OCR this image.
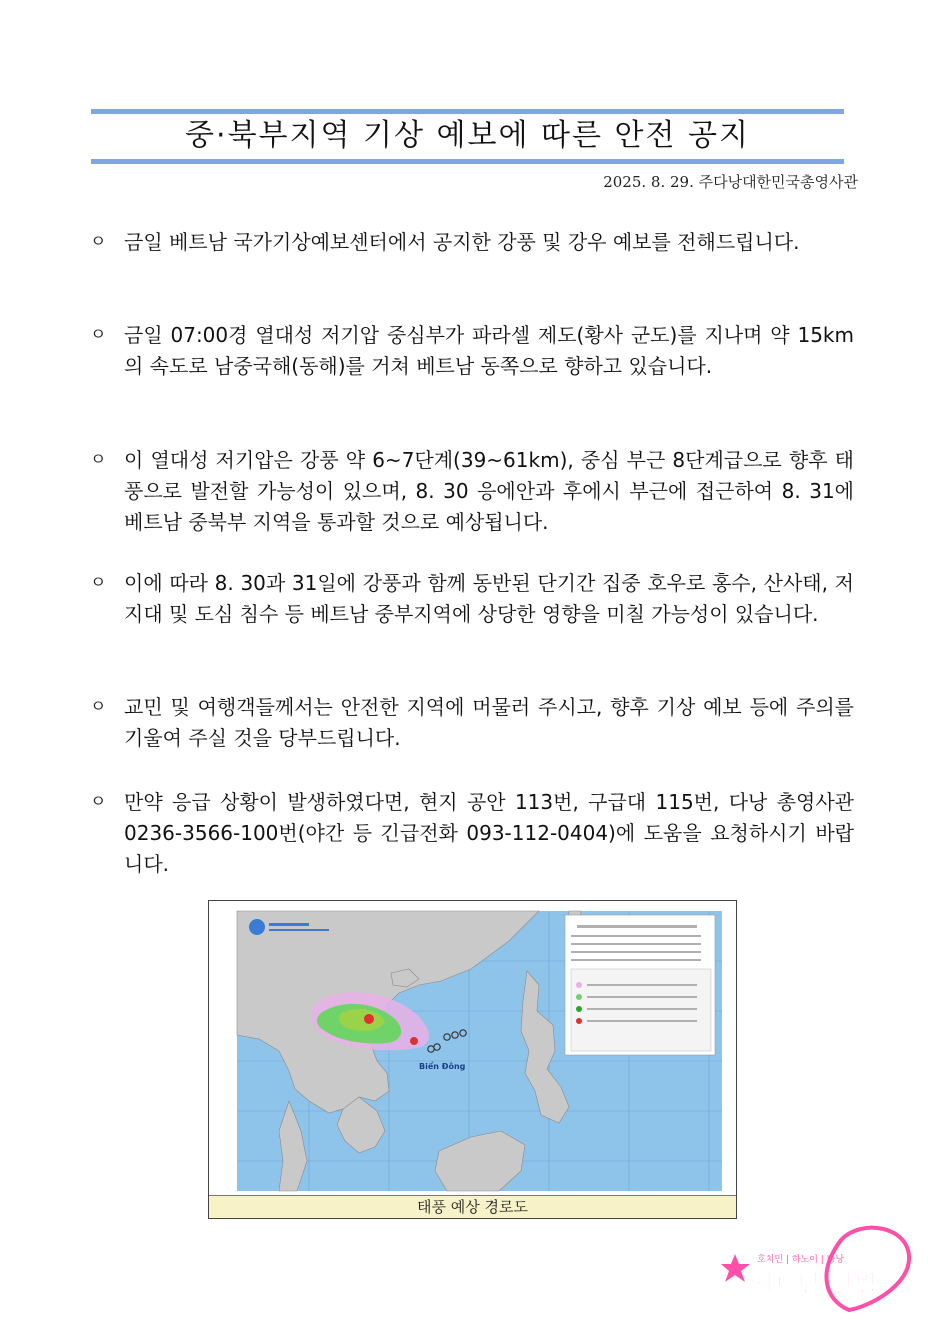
중·북부지역 기상 예보에 따른 안전 공지
2025. 8. 29. 주다낭대한민국총영사관
ㅇ 금일 베트남 국가기상예보센터에서 공지한 강풍 및 강우 예보를 전해드립니다.
ㅇ 금일 07:00경 열대성 저기압 중심부가 파라셀 제도(황사 군도)를 지나며 약 15km의 속도로 남중국해(동해)를 거쳐 베트남 동쪽으로 향하고 있습니다.
ㅇ 이 열대성 저기압은 강풍 약 6~7단계(39~61km), 중심 부근 8단계급으로 향후 태풍으로 발전할 가능성이 있으며, 8. 30 응에안과 후에시 부근에 접근하여 8. 31에 베트남 중북부 지역을 통과할 것으로 예상됩니다.
ㅇ 이에 따라 8. 30과 31일에 강풍과 함께 동반된 단기간 집중 호우로 홍수, 산사태, 저지대 및 도심 침수 등 베트남 중부지역에 상당한 영향을 미칠 가능성이 있습니다.
ㅇ 교민 및 여행객들께서는 안전한 지역에 머물러 주시고, 향후 기상 예보 등에 주의를 기울여 주실 것을 당부드립니다.
ㅇ 만약 응급 상황이 발생하였다면, 현지 공안 113번, 구급대 115번, 다낭 총영사관 0236-3566-100번(야간 등 긴급전화 093-112-0404)에 도움을 요청하시기 바랍니다.
Biển Đông
태풍 예상 경로도
호치민 | 하노이 | 다낭
베트남 한밤
